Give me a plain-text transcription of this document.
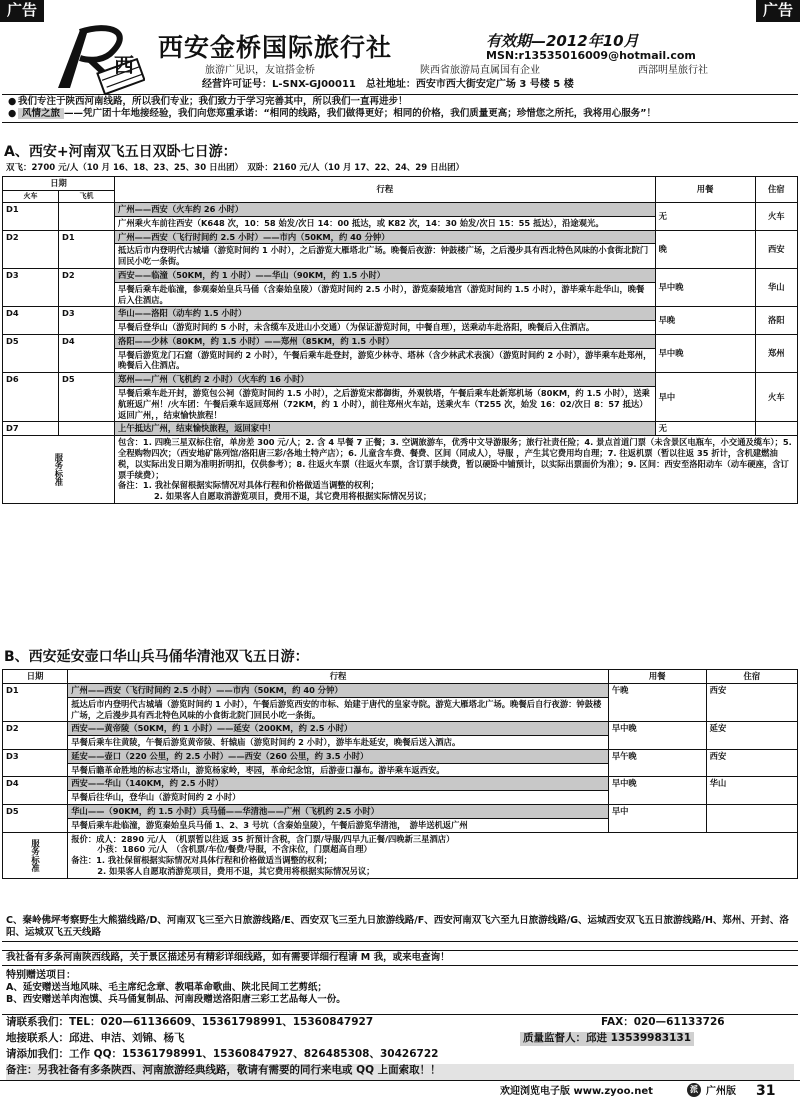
广告	广告
西
西安金桥国际旅行社	有效期—2012年10月
MSN:r13535016009@hotmail.com
旅游广见识，友谊搭金桥	陕西省旅游局直属国有企业	西部明星旅行社
经营许可证号：L-SNX-GJ00011　总社地址：西安市西大街安定广场 3 号楼 5 楼
● 我们专注于陕西河南线路，所以我们专业；我们致力于学习完善其中，所以我们一直再进步！
● 风情之旅 ——凭广团十年地接经验，我们向您郑重承诺：“相同的线路，我们做得更好；相同的价格，我们质量更高；珍惜您之所托，我将用心服务”！
A、西安+河南双飞五日双卧七日游：
双飞：2700 元/人（10 月 16、18、23、25、30 日出团）　双卧：2160 元/人（10 月 17、22、24、29 日出团）
日期		行程	用餐	住宿
火车	飞机			
D1		广州——西安（火车约 26 小时）	无	火车
		广州乘火车前往西安（K648 次，10：58 始发/次日 14：00 抵达，或 K82 次，14：30 始发/次日 15：55 抵达），沿途观光。		
D2	D1	广州——西安（飞行时间约 2.5 小时）——市内（50KM，约 40 分钟）	晚	西安
		抵达后市内登明代古城墙（游览时间约 1 小时），之后游览大雁塔北广场。晚餐后夜游：钟鼓楼广场，之后漫步具有西北特色风味的小食街北院门回民小吃一条街。		
D3	D2	西安——临潼（50KM，约 1 小时）——华山（90KM，约 1.5 小时）	早中晚	华山
		早餐后乘车赴临潼，参观秦始皇兵马俑（含秦始皇陵）（游览时间约 2.5 小时），游览秦陵地宫（游览时间约 1.5 小时），游毕乘车赴华山，晚餐后入住酒店。		
D4	D3	华山——洛阳（动车约 1.5 小时）	早晚	洛阳
		早餐后登华山（游览时间约 5 小时，未含缆车及进山小交通）（为保证游览时间，中餐自理），送乘动车赴洛阳，晚餐后入住酒店。		
D5	D4	洛阳——少林（80KM，约 1.5 小时）——郑州（85KM，约 1.5 小时）	早中晚	郑州
		早餐后游览龙门石窟（游览时间约 2 小时），午餐后乘车赴登封，游览少林寺、塔林（含少林武术表演）（游览时间约 2 小时），游毕乘车赴郑州，晚餐后入住酒店。		
D6	D5	郑州——广州（飞机约 2 小时）（火车约 16 小时）	早中	火车
		早餐后乘车赴开封，游览包公祠（游览时间约 1.5 小时），之后游览宋都御街，外观铁塔，午餐后乘车赴新郑机场（80KM，约 1.5 小时），送乘航班返广州！/火车团：午餐后乘车返回郑州（72KM，约 1 小时），前往郑州火车站，送乘火车（T255 次，始发 16：02/次日 8：57 抵达）返回广州，，结束愉快旅程！		
D7		上午抵达广州，结束愉快旅程，返回家中！	无	

服务标准		包含：1. 四晚三星双标住宿，单房差 300 元/人；2. 含 4 早餐 7 正餐；3. 空调旅游车，优秀中文导游服务；旅行社责任险；4. 景点首道门票（未含景区电瓶车，小交通及缆车）；5. 全程购物四次；（西安地矿陈列馆/洛阳唐三彩/各地土特产店）；6. 儿童含车费、餐费、区间（同成人），导服 ，产生其它费用均自理；7. 往返机票（暂以往返 35 折计，含机建燃油税，以实际出发日期为准明折明扣，仅供参考）；8. 往返火车票（往返火车票，含订票手续费，暂以硬卧中铺预计，以实际出票面价为准）；9. 区间：西安至洛阳动车（动车硬座，含订票手续费）；
备注：1. 我社保留根据实际情况对具体行程和价格做适当调整的权利；
2. 如果客人自愿取消游览项目，费用不退，其它费用将根据实际情况另议；		
B、西安延安壶口华山兵马俑华清池双飞五日游：
日期	行程	用餐	住宿
D1	广州——西安（飞行时间约 2.5 小时）——市内（50KM，约 40 分钟）	午晚	西安
	抵达后市内登明代古城墙（游览时间约 1 小时），午餐后游览西安的市标、始建于唐代的皇家寺院。游览大雁塔北广场。晚餐后自行夜游：钟鼓楼广场，之后漫步具有西北特色风味的小食街北院门回民小吃一条街。		
D2	西安——黄帝陵（50KM，约 1 小时）——延安（200KM，约 2.5 小时）	早中晚	延安
	早餐后乘车往黄陵，午餐后游览黄帝陵、轩辕庙（游览时间约 2 小时），游毕车赴延安，晚餐后送入酒店。		
D3	延安——壶口（220 公里，约 2.5 小时）——西安（260 公里，约 3.5 小时）	早午晚	西安
	早餐后瞻革命胜地的标志宝塔山，游览杨家岭，枣园，革命纪念馆，后游壶口瀑布。游毕乘车返西安。		
D4	西安——华山（140KM，约 2.5 小时）	早中晚	华山
	早餐后往华山，登华山（游览时间约 2 小时）		
D5	华山——（90KM，约 1.5 小时）兵马俑——华清池——广州（飞机约 2.5 小时）	早中	
	早餐后乘车赴临潼，游览秦始皇兵马俑 1、2、3 号坑（含秦始皇陵），午餐后游览华清池，　游毕送机返广州		

服务标准	报价：成人：2890 元/人　（机票暂以往返 35 折预计含税，含门票/导服/四早九正餐/四晚新三星酒店）
小孩：1860 元/人　（含机票/车位/餐费/导服，不含床位，门票超高自理）
备注：1. 我社保留根据实际情况对具体行程和价格做适当调整的权利；
2. 如果客人自愿取消游览项目，费用不退，其它费用将根据实际情况另议；		
C、秦岭佛坪考察野生大熊猫线路/D、河南双飞三至六日旅游线路/E、西安双飞三至九日旅游线路/F、西安河南双飞六至九日旅游线路/G、运城西安双飞五日旅游线路/H、郑州、开封、洛阳、运城双飞五天线路
我社备有多条河南陕西线路，关于景区描述另有精彩详细线路，如有需要详细行程请 M 我，或来电查询！
特别赠送项目：
A、延安赠送当地风味、毛主席纪念章、教唱革命歌曲、陕北民间工艺剪纸；
B、西安赠送羊肉泡馍、兵马俑复制品、河南段赠送洛阳唐三彩工艺品每人一份。
请联系我们：TEL：020—61136609、15361798991、15360847927	FAX：020—61133726
地接联系人：邱进、申洁、刘锦、杨飞	质量监督人：邱进 13539983131
请添加我们：工作 QQ：15361798991、15360847927、826485308、30426722
备注：另我社备有多条陕西、河南旅游经典线路，敬请有需要的同行来电或 QQ 上面索取！！
欢迎浏览电子版 www.zyoo.net	派 广州版 31
